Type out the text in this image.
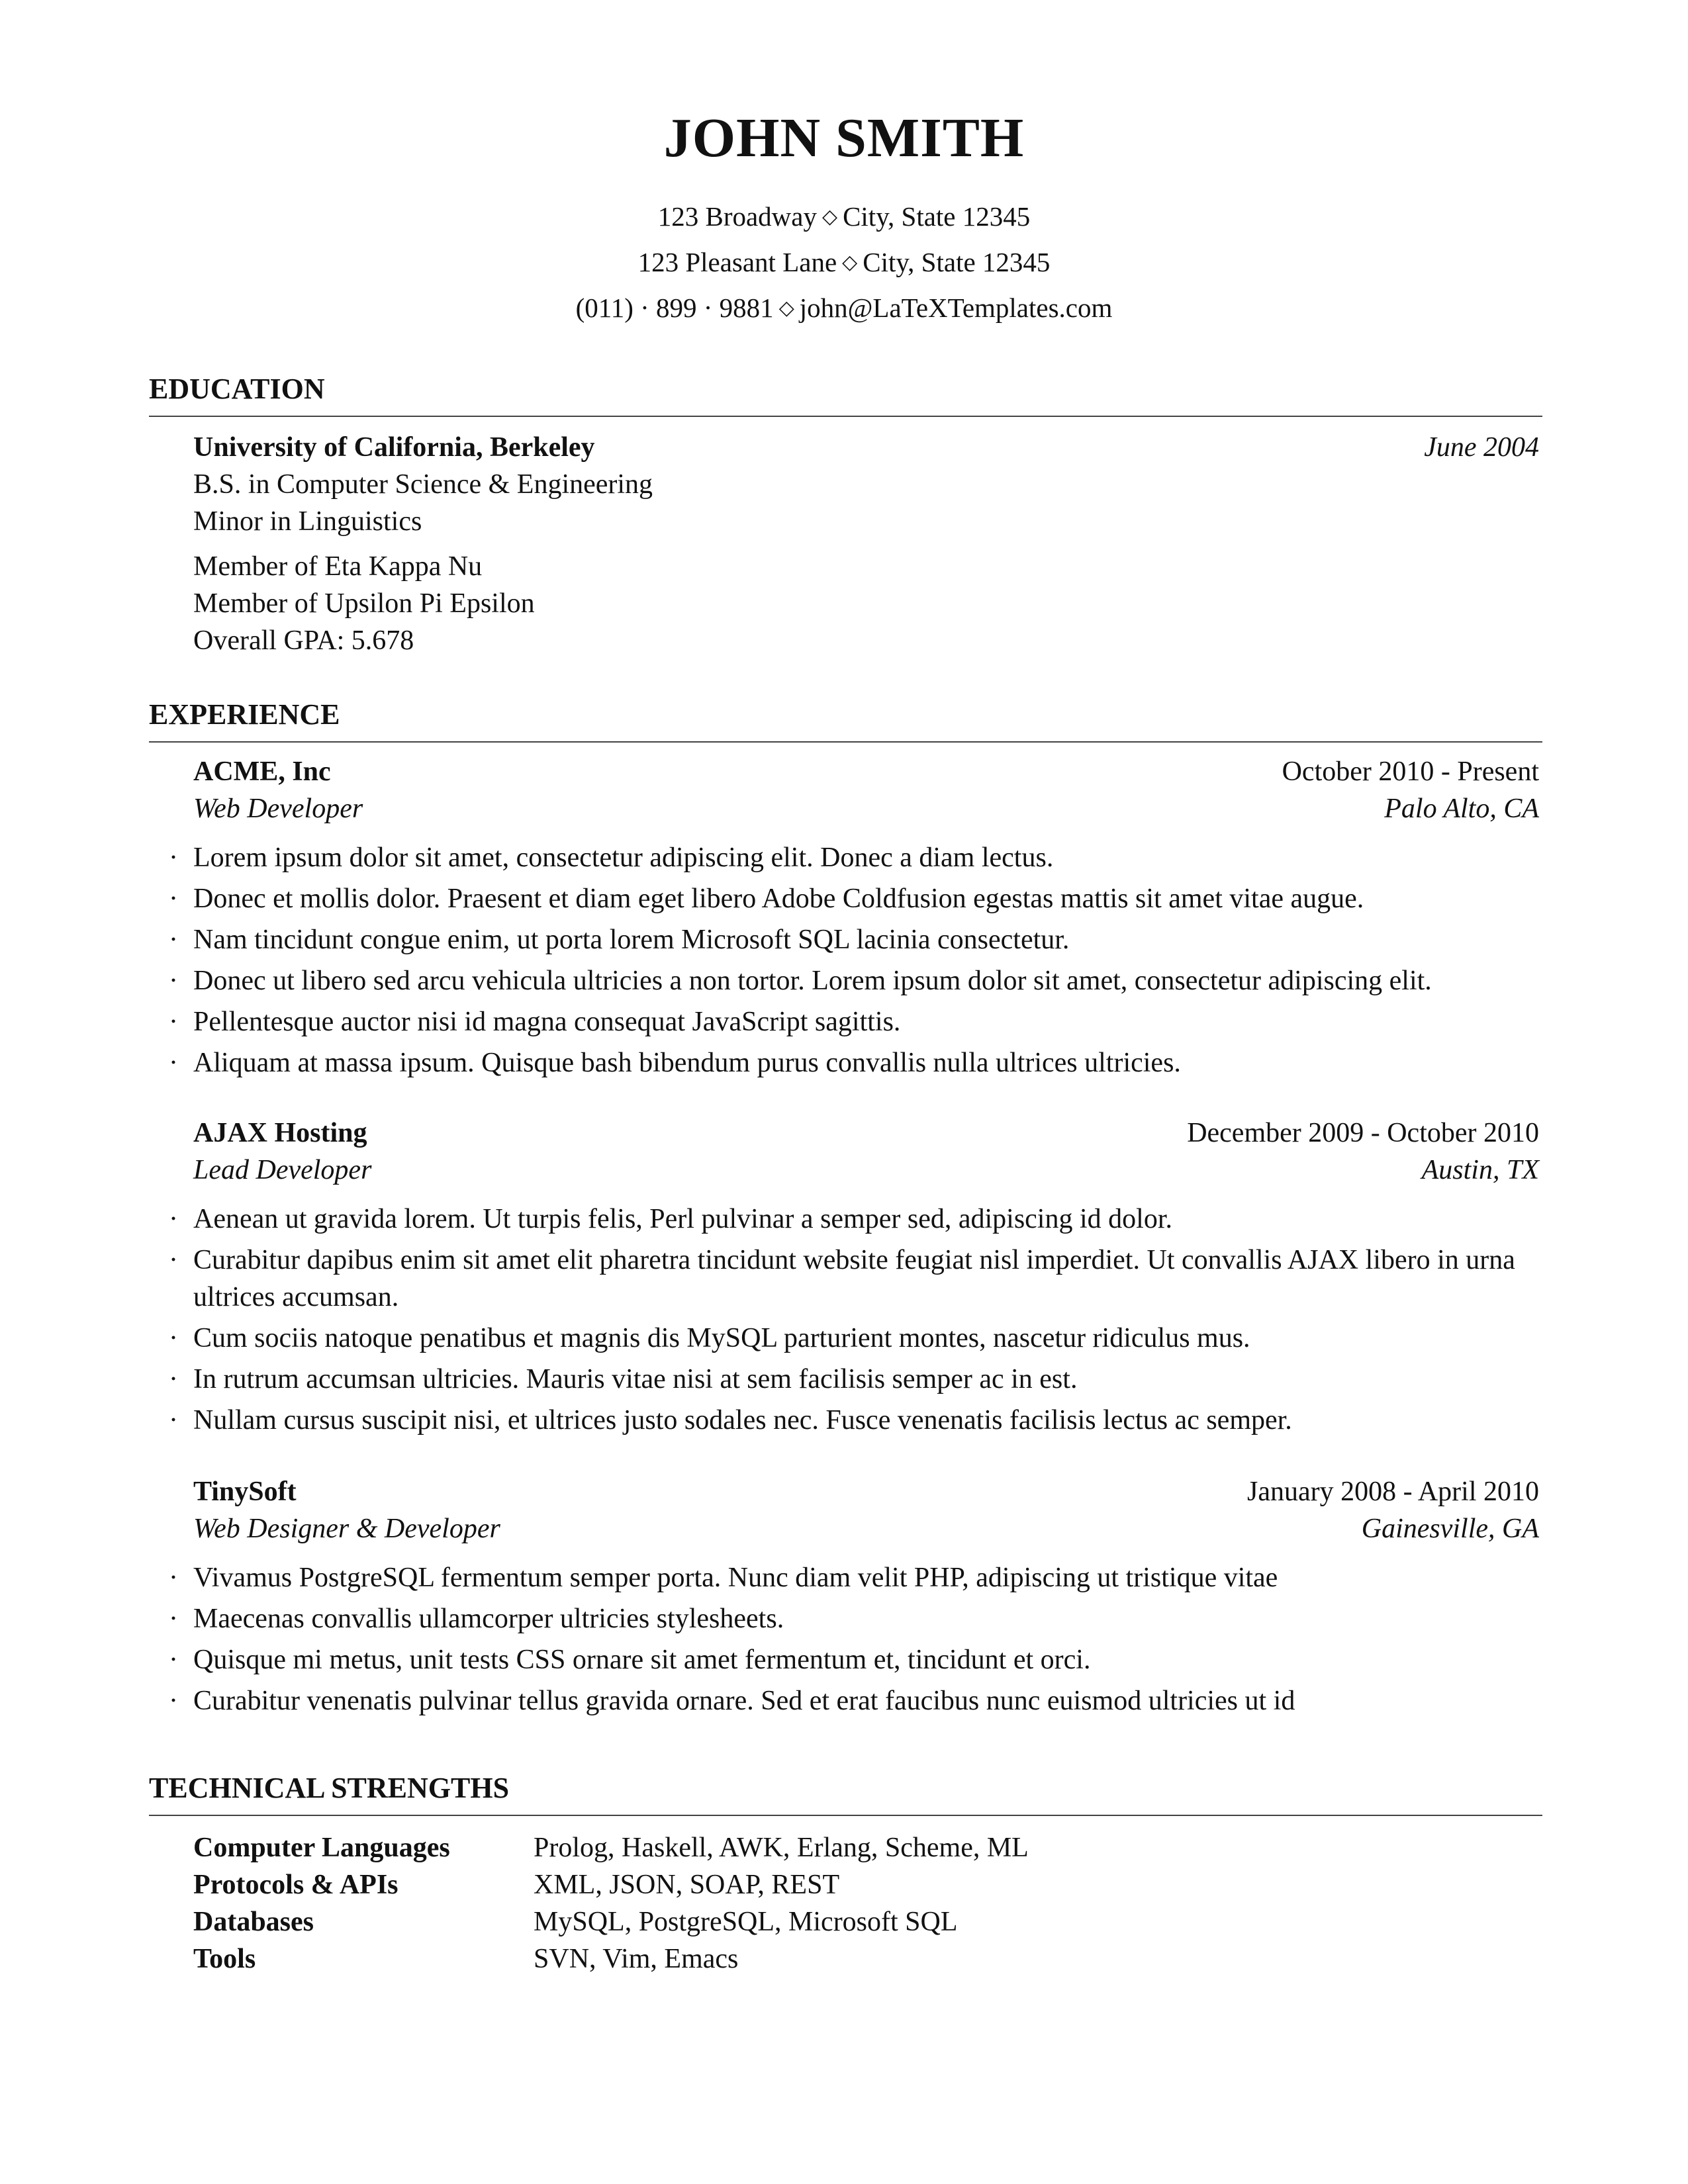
JOHN SMITH
123 Broadway ◇ City, State 12345
123 Pleasant Lane ◇ City, State 12345
(011) · 899 · 9881 ◇ john@LaTeXTemplates.com
EDUCATION
University of California, Berkeley	June 2004
B.S. in Computer Science & Engineering
Minor in Linguistics
Member of Eta Kappa Nu
Member of Upsilon Pi Epsilon
Overall GPA: 5.678
EXPERIENCE
ACME, Inc	October 2010 - Present
Web Developer	Palo Alto, CA
· Lorem ipsum dolor sit amet, consectetur adipiscing elit. Donec a diam lectus.
· Donec et mollis dolor. Praesent et diam eget libero Adobe Coldfusion egestas mattis sit amet vitae augue.
· Nam tincidunt congue enim, ut porta lorem Microsoft SQL lacinia consectetur.
· Donec ut libero sed arcu vehicula ultricies a non tortor. Lorem ipsum dolor sit amet, consectetur adipiscing elit.
· Pellentesque auctor nisi id magna consequat JavaScript sagittis.
· Aliquam at massa ipsum. Quisque bash bibendum purus convallis nulla ultrices ultricies.
AJAX Hosting	December 2009 - October 2010
Lead Developer	Austin, TX
· Aenean ut gravida lorem. Ut turpis felis, Perl pulvinar a semper sed, adipiscing id dolor.
· Curabitur dapibus enim sit amet elit pharetra tincidunt website feugiat nisl imperdiet. Ut convallis AJAX libero in urna
ultrices accumsan.
· Cum sociis natoque penatibus et magnis dis MySQL parturient montes, nascetur ridiculus mus.
· In rutrum accumsan ultricies. Mauris vitae nisi at sem facilisis semper ac in est.
· Nullam cursus suscipit nisi, et ultrices justo sodales nec. Fusce venenatis facilisis lectus ac semper.
TinySoft	January 2008 - April 2010
Web Designer & Developer	Gainesville, GA
· Vivamus PostgreSQL fermentum semper porta. Nunc diam velit PHP, adipiscing ut tristique vitae
· Maecenas convallis ullamcorper ultricies stylesheets.
· Quisque mi metus, unit tests CSS ornare sit amet fermentum et, tincidunt et orci.
· Curabitur venenatis pulvinar tellus gravida ornare. Sed et erat faucibus nunc euismod ultricies ut id
TECHNICAL STRENGTHS
Computer Languages	Prolog, Haskell, AWK, Erlang, Scheme, ML
Protocols & APIs	XML, JSON, SOAP, REST
Databases	MySQL, PostgreSQL, Microsoft SQL
Tools	SVN, Vim, Emacs
